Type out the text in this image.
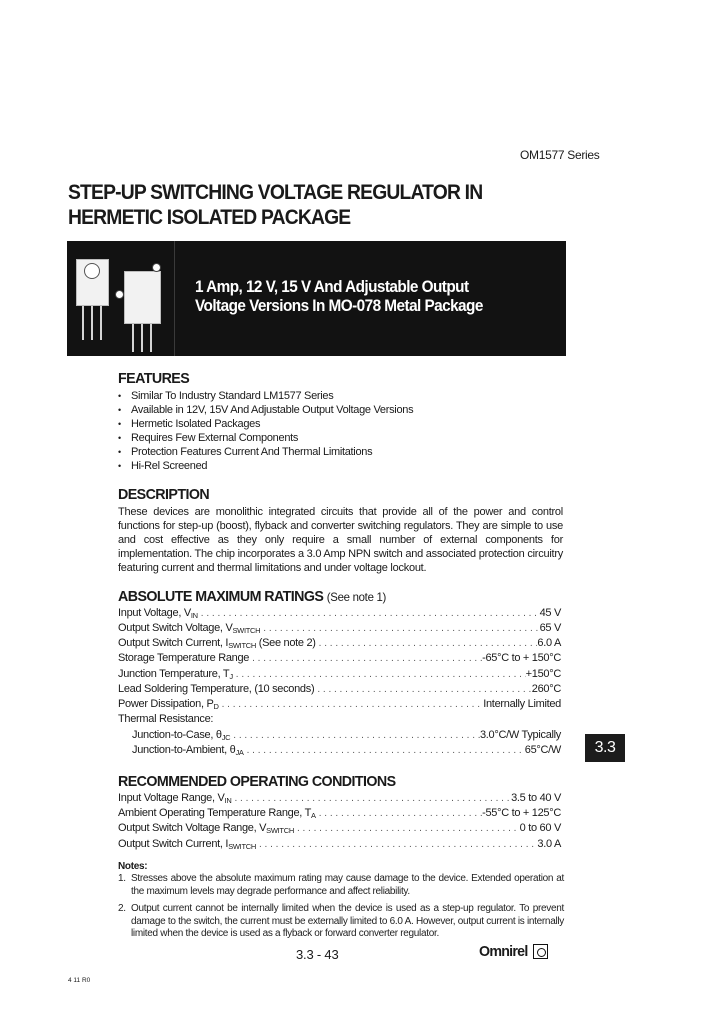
OM1577 Series
STEP-UP SWITCHING VOLTAGE REGULATOR IN
HERMETIC ISOLATED PACKAGE
1 Amp, 12 V, 15 V And Adjustable Output
Voltage Versions In MO-078 Metal Package
FEATURES
• Similar To Industry Standard LM1577 Series
• Available in 12V, 15V And Adjustable Output Voltage Versions
• Hermetic Isolated Packages
• Requires Few External Components
• Protection Features Current And Thermal Limitations
• Hi-Rel Screened
DESCRIPTION
These devices are monolithic integrated circuits that provide all of the power and control functions for step-up (boost), flyback and converter switching regulators. They are simple to use and cost effective as they only require a small number of external components for implementation. The chip incorporates a 3.0 Amp NPN switch and associated protection circuitry featuring current and thermal limitations and under voltage lockout.
ABSOLUTE MAXIMUM RATINGS (See note 1)
Input Voltage, $V_{IN}$ . . .	45 V
Output Switch Voltage, $V_{SWITCH}$ . . .	65 V
Output Switch Current, $I_{SWITCH}$ (See note 2) . . .	6.0 A
Storage Temperature Range . . .	-65°C to + 150°C
Junction Temperature, $T_J$ . . .	+150°C
Lead Soldering Temperature, (10 seconds) . . .	260°C
Power Dissipation, $P_D$ . . .	Internally Limited
Thermal Resistance:
Junction-to-Case, $\theta_{JC}$ . . .	3.0°C/W Typically
Junction-to-Ambient, $\theta_{JA}$ . . .	65°C/W	3.3
RECOMMENDED OPERATING CONDITIONS
Input Voltage Range, $V_{IN}$ . . .	3.5 to 40 V
Ambient Operating Temperature Range, $T_A$ . . .	-55°C to + 125°C
Output Switch Voltage Range, $V_{SWITCH}$ . . .	0 to 60 V
Output Switch Current, $I_{SWITCH}$ . . .	3.0 A
Notes:
1. Stresses above the absolute maximum rating may cause damage to the device. Extended operation at the maximum levels may degrade performance and affect reliability.
2. Output current cannot be internally limited when the device is used as a step-up regulator. To prevent damage to the switch, the current must be externally limited to 6.0 A. However, output current is internally limited when the device is used as a flyback or forward converter regulator.
4 11 R0
3.3 - 43	Omnirel
